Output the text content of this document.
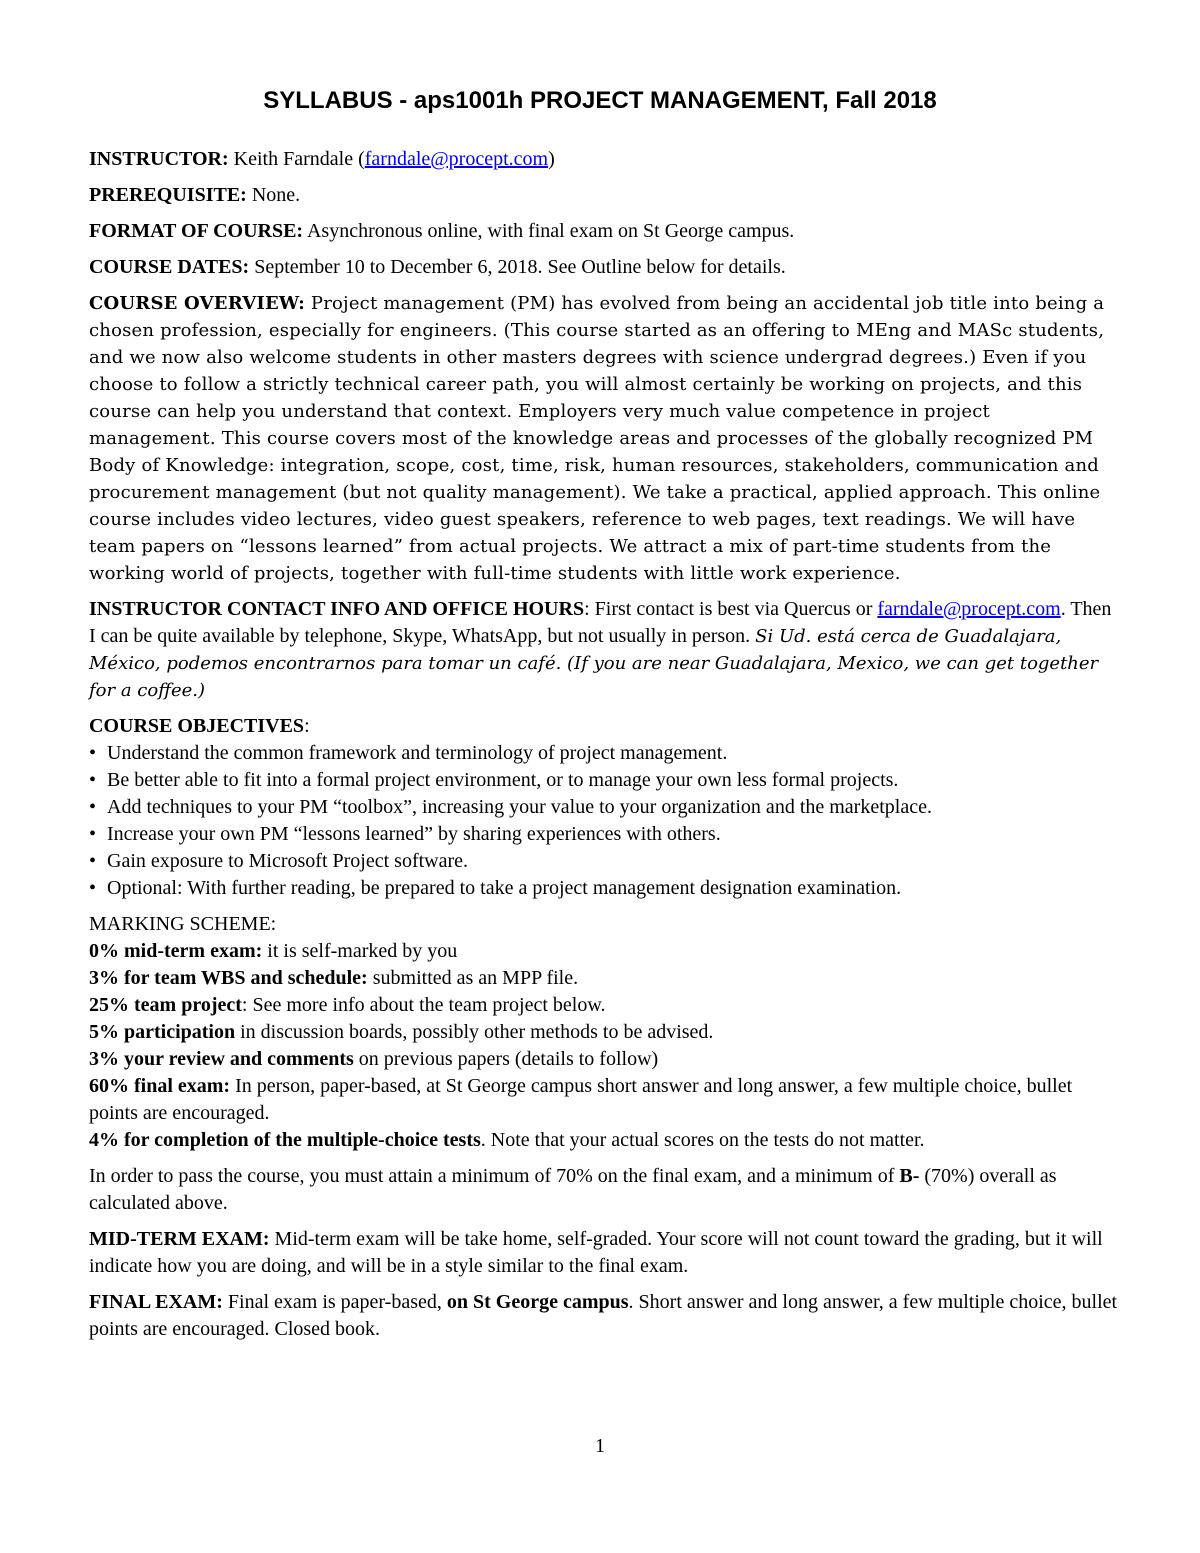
SYLLABUS - aps1001h PROJECT MANAGEMENT, Fall 2018

INSTRUCTOR: Keith Farndale (farndale@procept.com)

PREREQUISITE: None.

FORMAT OF COURSE: Asynchronous online, with final exam on St George campus.

COURSE DATES: September 10 to December 6, 2018. See Outline below for details.

COURSE OVERVIEW: Project management (PM) has evolved from being an accidental job title into being a chosen profession, especially for engineers. (This course started as an offering to MEng and MASc students, and we now also welcome students in other masters degrees with science undergrad degrees.) Even if you choose to follow a strictly technical career path, you will almost certainly be working on projects, and this course can help you understand that context. Employers very much value competence in project management. This course covers most of the knowledge areas and processes of the globally recognized PM Body of Knowledge: integration, scope, cost, time, risk, human resources, stakeholders, communication and procurement management (but not quality management). We take a practical, applied approach. This online course includes video lectures, video guest speakers, reference to web pages, text readings. We will have team papers on “lessons learned” from actual projects. We attract a mix of part-time students from the working world of projects, together with full-time students with little work experience.

INSTRUCTOR CONTACT INFO AND OFFICE HOURS: First contact is best via Quercus or farndale@procept.com. Then I can be quite available by telephone, Skype, WhatsApp, but not usually in person. Si Ud. está cerca de Guadalajara, México, podemos encontrarnos para tomar un café. (If you are near Guadalajara, Mexico, we can get together for a coffee.)

COURSE OBJECTIVES:

• Understand the common framework and terminology of project management.
• Be better able to fit into a formal project environment, or to manage your own less formal projects.
• Add techniques to your PM “toolbox”, increasing your value to your organization and the marketplace.
• Increase your own PM “lessons learned” by sharing experiences with others.
• Gain exposure to Microsoft Project software.
• Optional: With further reading, be prepared to take a project management designation examination.

MARKING SCHEME:

0% mid-term exam: it is self-marked by you

3% for team WBS and schedule: submitted as an MPP file.

25% team project: See more info about the team project below.

5% participation in discussion boards, possibly other methods to be advised.

3% your review and comments on previous papers (details to follow)

60% final exam: In person, paper-based, at St George campus short answer and long answer, a few multiple choice, bullet points are encouraged.

4% for completion of the multiple-choice tests. Note that your actual scores on the tests do not matter.

In order to pass the course, you must attain a minimum of 70% on the final exam, and a minimum of B- (70%) overall as calculated above.

MID-TERM EXAM: Mid-term exam will be take home, self-graded. Your score will not count toward the grading, but it will indicate how you are doing, and will be in a style similar to the final exam.

FINAL EXAM: Final exam is paper-based, on St George campus. Short answer and long answer, a few multiple choice, bullet points are encouraged. Closed book.

1
